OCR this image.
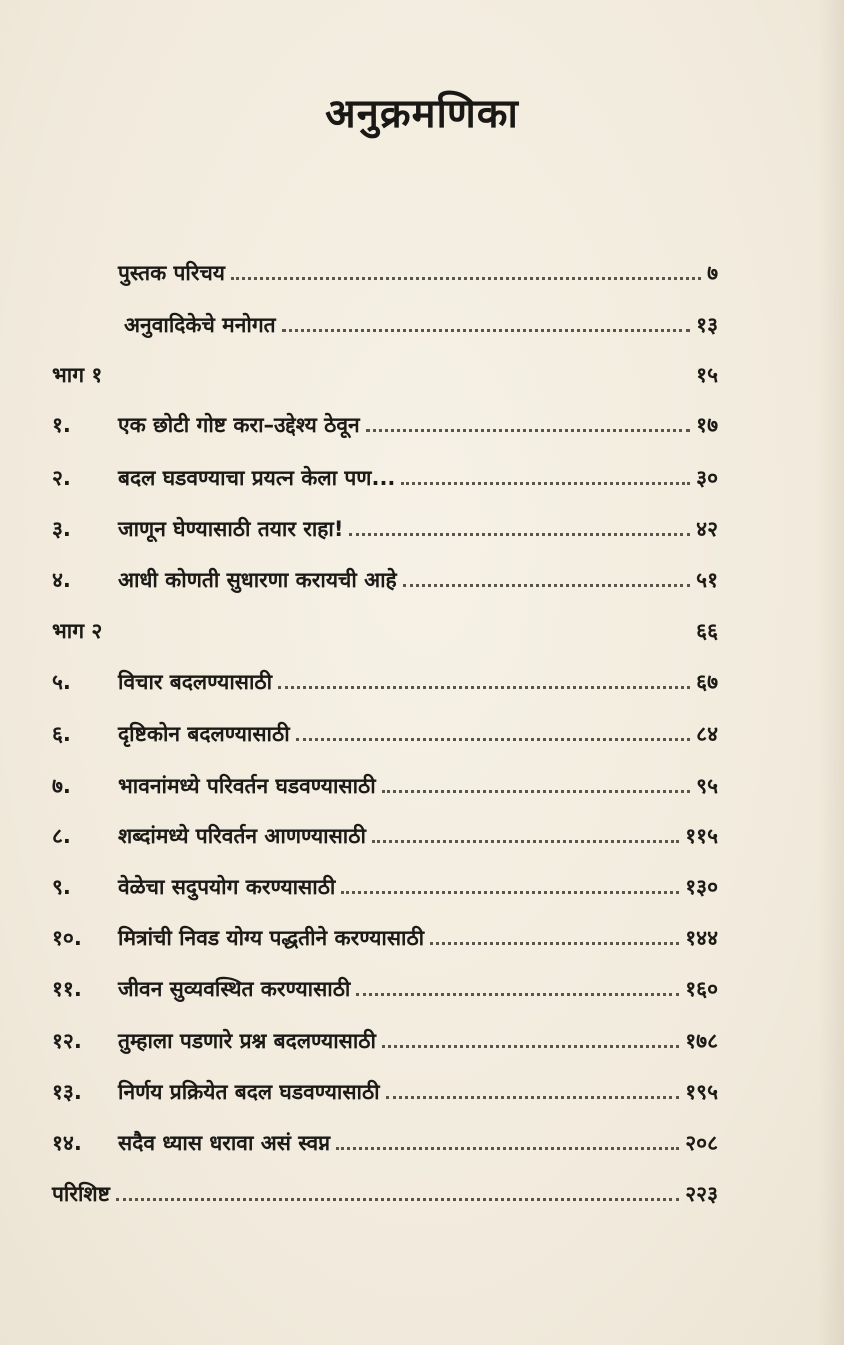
अनुक्रमणिका
पुस्तक परिचय	७
अनुवादिकेचे मनोगत	१३
भाग १	१५
१.	एक छोटी गोष्ट करा–उद्देश्य ठेवून	१७
२.	बदल घडवण्याचा प्रयत्न केला पण...	३०
३.	जाणून घेण्यासाठी तयार राहा!	४२
४.	आधी कोणती सुधारणा करायची आहे	५१
भाग २	६६
५.	विचार बदलण्यासाठी	६७
६.	दृष्टिकोन बदलण्यासाठी	८४
७.	भावनांमध्ये परिवर्तन घडवण्यासाठी	९५
८.	शब्दांमध्ये परिवर्तन आणण्यासाठी	११५
९.	वेळेचा सदुपयोग करण्यासाठी	१३०
१०.	मित्रांची निवड योग्य पद्धतीने करण्यासाठी	१४४
११.	जीवन सुव्यवस्थित करण्यासाठी	१६०
१२.	तुम्हाला पडणारे प्रश्न बदलण्यासाठी	१७८
१३.	निर्णय प्रक्रियेत बदल घडवण्यासाठी	१९५
१४.	सदैव ध्यास धरावा असं स्वप्न	२०८
परिशिष्ट	२२३
